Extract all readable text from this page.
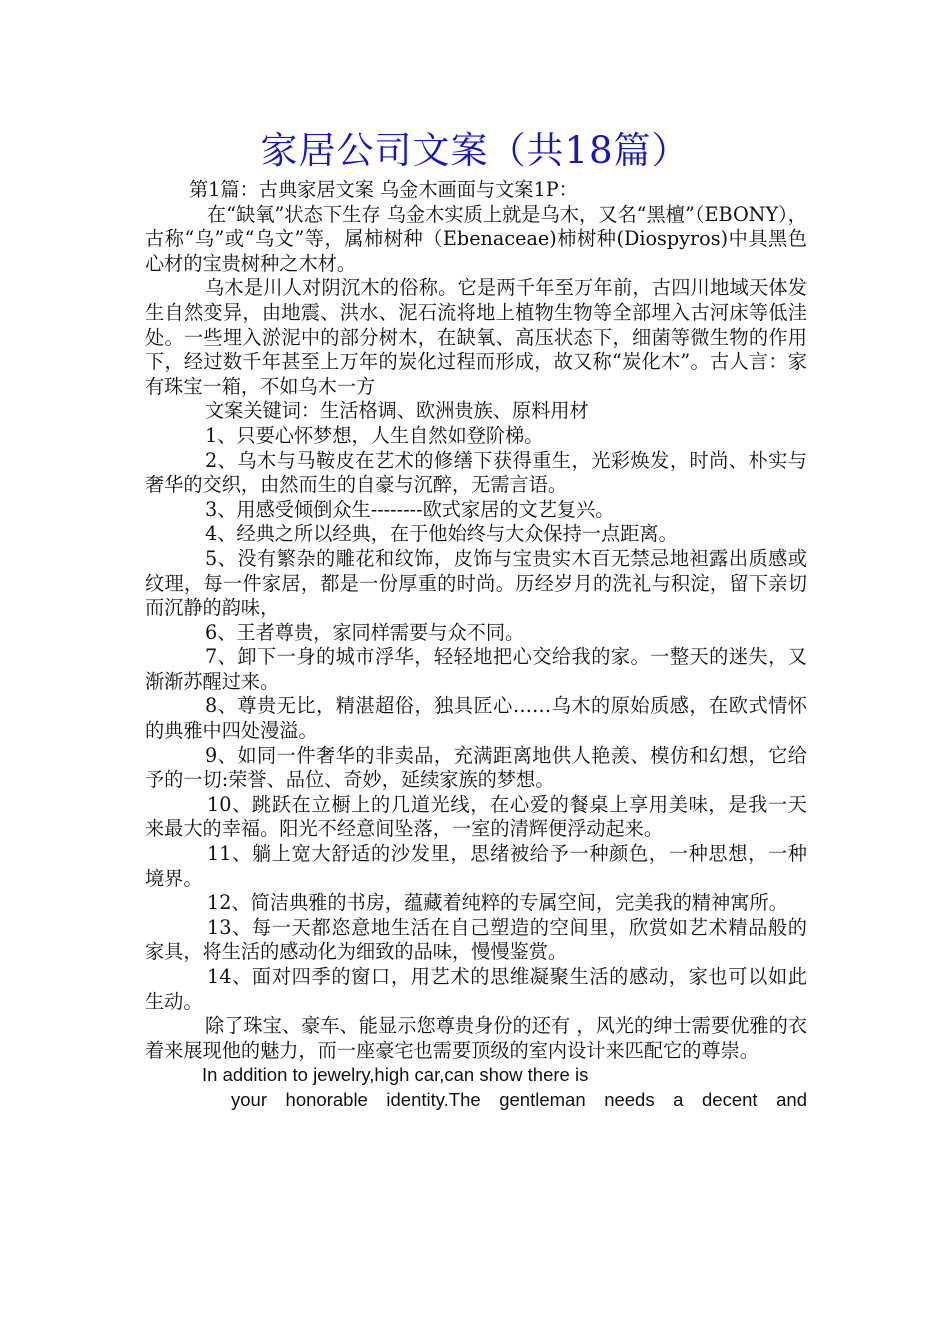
家居公司文案（共18篇）

第1篇：古典家居文案 乌金木画面与文案1P：

在“缺氧”状态下生存 乌金木实质上就是乌木，又名“黑檀”（EBONY），古称“乌”或“乌文”等，属柿树种（Ebenaceae)柿树种(Diospyros)中具黑色心材的宝贵树种之木材。

乌木是川人对阴沉木的俗称。它是两千年至万年前，古四川地域天体发生自然变异，由地震、洪水、泥石流将地上植物生物等全部埋入古河床等低洼处。一些埋入淤泥中的部分树木，在缺氧、高压状态下，细菌等微生物的作用下，经过数千年甚至上万年的炭化过程而形成，故又称“炭化木”。古人言：家有珠宝一箱，不如乌木一方

文案关键词：生活格调、欧洲贵族、原料用材

1、只要心怀梦想，人生自然如登阶梯。

2、乌木与马鞍皮在艺术的修缮下获得重生，光彩焕发，时尚、朴实与奢华的交织，由然而生的自豪与沉醉，无需言语。

3、用感受倾倒众生--------欧式家居的文艺复兴。

4、经典之所以经典，在于他始终与大众保持一点距离。

5、没有繁杂的雕花和纹饰，皮饰与宝贵实木百无禁忌地袒露出质感或纹理，每一件家居，都是一份厚重的时尚。历经岁月的洗礼与积淀，留下亲切而沉静的韵味，

6、王者尊贵，家同样需要与众不同。

7、卸下一身的城市浮华，轻轻地把心交给我的家。一整天的迷失，又渐渐苏醒过来。

8、尊贵无比，精湛超俗，独具匠心……乌木的原始质感，在欧式情怀的典雅中四处漫溢。

9、如同一件奢华的非卖品，充满距离地供人艳羡、模仿和幻想，它给予的一切:荣誉、品位、奇妙，延续家族的梦想。

10、跳跃在立橱上的几道光线，在心爱的餐桌上享用美味，是我一天来最大的幸福。阳光不经意间坠落，一室的清辉便浮动起来。

11、躺上宽大舒适的沙发里，思绪被给予一种颜色，一种思想，一种境界。

12、简洁典雅的书房，蕴藏着纯粹的专属空间，完美我的精神寓所。

13、每一天都恣意地生活在自己塑造的空间里，欣赏如艺术精品般的家具，将生活的感动化为细致的品味，慢慢鉴赏。

14、面对四季的窗口，用艺术的思维凝聚生活的感动，家也可以如此生动。

除了珠宝、豪车、能显示您尊贵身份的还有 ，风光的绅士需要优雅的衣着来展现他的魅力，而一座豪宅也需要顶级的室内设计来匹配它的尊崇。

In addition to jewelry,high car,can show there is

your honorable identity.The gentleman needs a decent and
